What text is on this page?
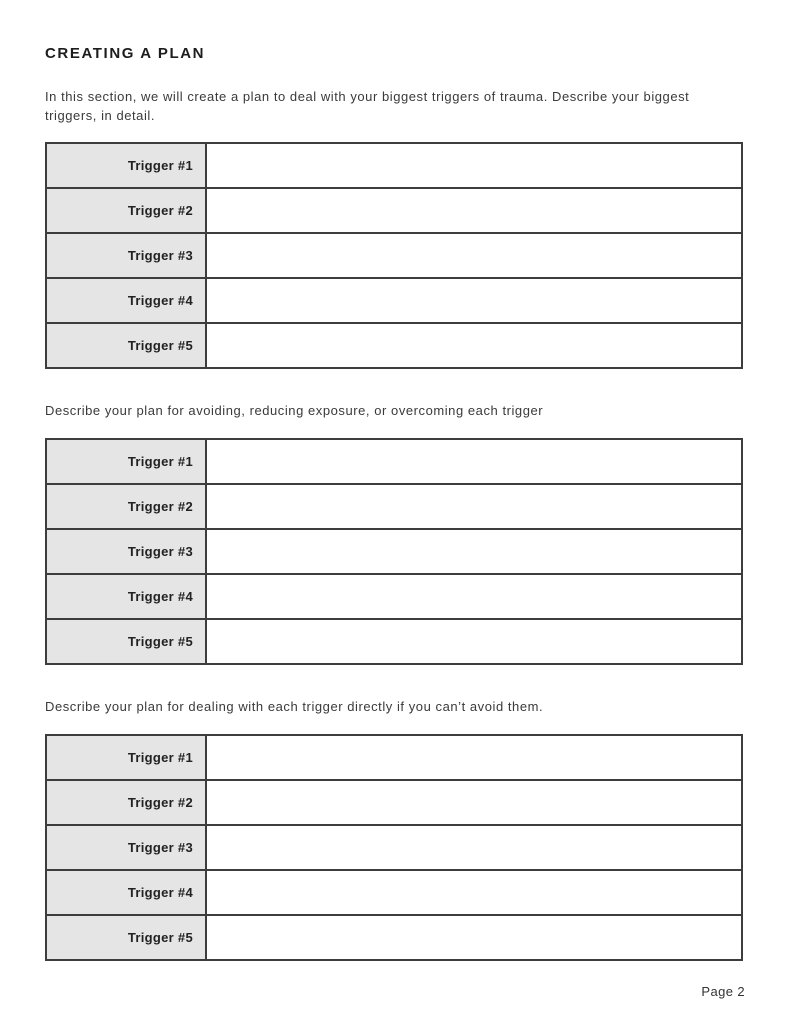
CREATING A PLAN

In this section, we will create a plan to deal with your biggest triggers of trauma. Describe your biggest triggers, in detail.

Trigger #1	
Trigger #2	
Trigger #3	
Trigger #4	
Trigger #5	

Describe your plan for avoiding, reducing exposure, or overcoming each trigger

Trigger #1	
Trigger #2	
Trigger #3	
Trigger #4	
Trigger #5	

Describe your plan for dealing with each trigger directly if you can’t avoid them.

Trigger #1	
Trigger #2	
Trigger #3	
Trigger #4	
Trigger #5	
Page 2
